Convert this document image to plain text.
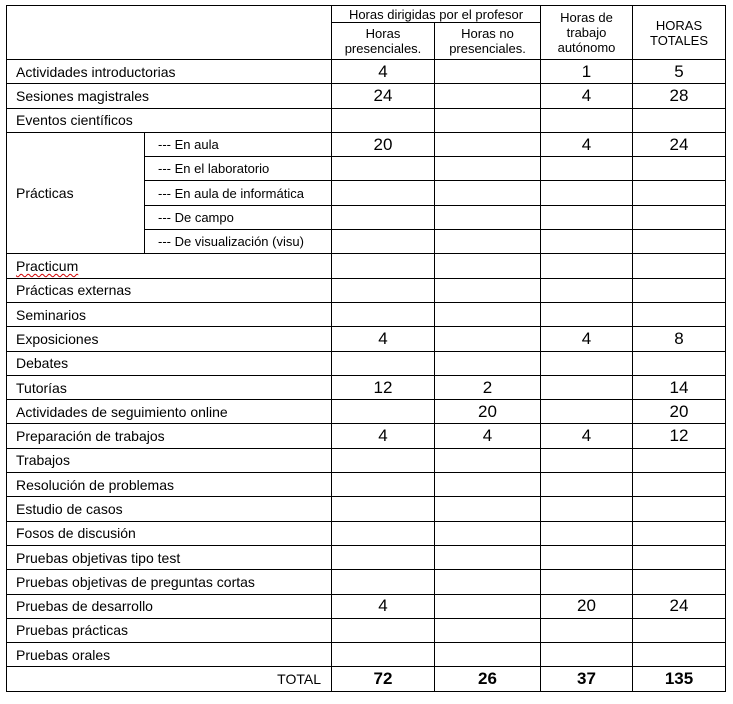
		Horas dirigidas por el profesor		Horas de trabajo autónomo	HORAS TOTALES
		Horas presenciales.	Horas no presenciales.		
Actividades introductorias		4		1	5
Sesiones magistrales		24		4	28
Eventos científicos					
Prácticas	--- En aula	20		4	24
	--- En el laboratorio				
	--- En aula de informática				
	--- De campo				
	--- De visualización (visu)				
Practicum					
Prácticas externas					
Seminarios					
Exposiciones		4		4	8
Debates					
Tutorías		12	2		14
Actividades de seguimiento online			20		20
Preparación de trabajos		4	4	4	12
Trabajos					
Resolución de problemas					
Estudio de casos					
Fosos de discusión					
Pruebas objetivas tipo test					
Pruebas objetivas de preguntas cortas					
Pruebas de desarrollo		4		20	24
Pruebas prácticas					
Pruebas orales					
TOTAL		72	26	37	135
